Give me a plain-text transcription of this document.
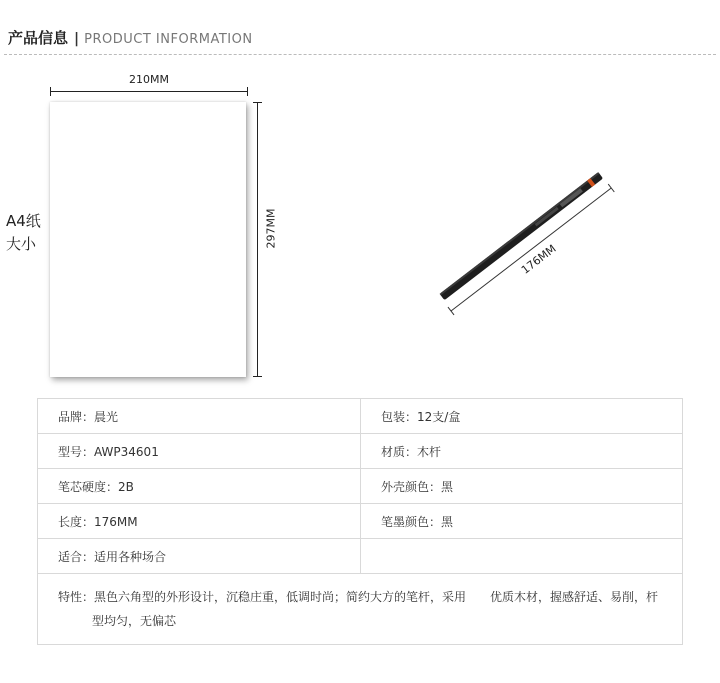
产品信息 | PRODUCT INFORMATION
A4纸
大小
210MM
297MM
176MM
品牌：晨光	包装：12支/盒
型号：AWP34601	材质：木杆
笔芯硬度：2B	外壳颜色：黑
长度：176MM	笔墨颜色：黑
适合：适用各种场合	

特性： 黑色六角型的外形设计，沉稳庄重，低调时尚；简约大方的笔杆，采用　　优质木材，握感舒适、易削，杆型均匀，无偏芯	
